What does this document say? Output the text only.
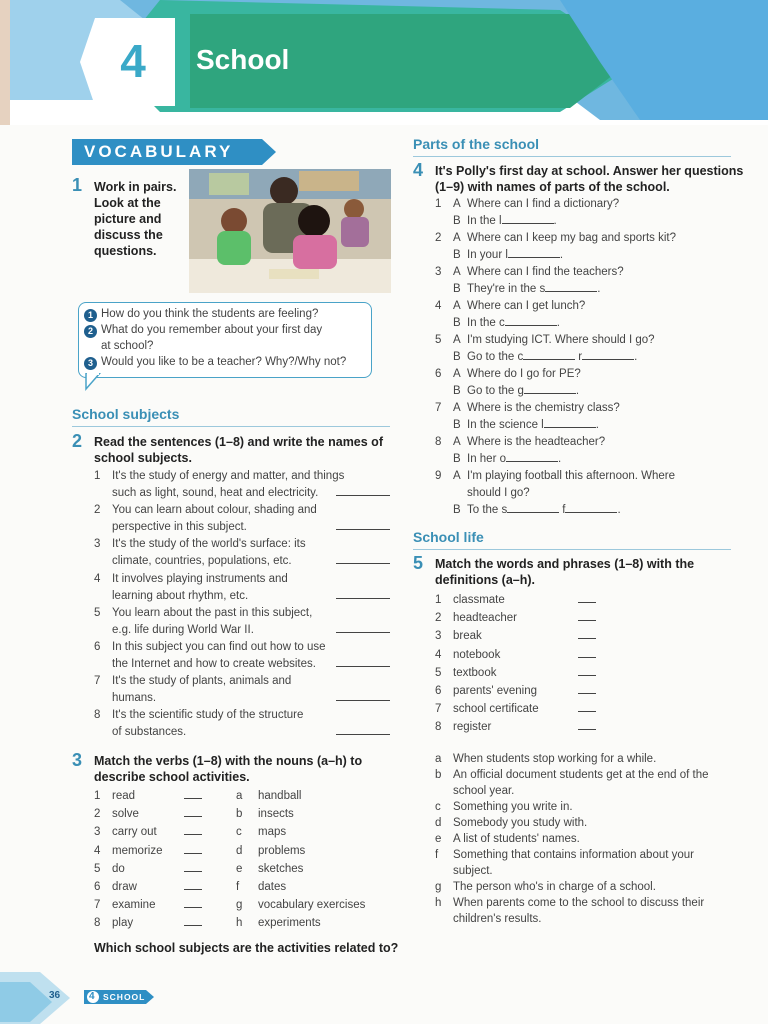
4	School
VOCABULARY
1 Work in pairs.
Look at the
picture and
discuss the
questions.
1 How do you think the students are feeling?
2 What do you remember about your first day
at school?
3 Would you like to be a teacher? Why?/Why not?
School subjects
2 Read the sentences (1–8) and write the names of
school subjects.
1 It's the study of energy and matter, and things
such as light, sound, heat and electricity.
2 You can learn about colour, shading and
perspective in this subject.
3 It's the study of the world's surface: its
climate, countries, populations, etc.
4 It involves playing instruments and
learning about rhythm, etc.
5 You learn about the past in this subject,
e.g. life during World War II.
6 In this subject you can find out how to use
the Internet and how to create websites.
7 It's the study of plants, animals and
humans.
8 It's the scientific study of the structure
of substances.
3 Match the verbs (1–8) with the nouns (a–h) to
describe school activities.
1 read	a handball
2 solve	b insects
3 carry out	c maps
4 memorize	d problems
5 do	e sketches
6 draw	f dates
7 examine	g vocabulary exercises
8 play	h experiments
Which school subjects are the activities related to?
Parts of the school
4 It's Polly's first day at school. Answer her questions
(1–9) with names of parts of the school.
1 A Where can I find a dictionary?
B In the l	.
2 A Where can I keep my bag and sports kit?
B In your l	.
3 A Where can I find the teachers?
B They're in the s	.
4 A Where can I get lunch?
B In the c	.
5 A I'm studying ICT. Where should I go?
B Go to the c	r	.
6 A Where do I go for PE?
B Go to the g	.
7 A Where is the chemistry class?
B In the science l	.
8 A Where is the headteacher?
B In her o	.
9 A I'm playing football this afternoon. Where
should I go?
B To the s	f	.
School life
5 Match the words and phrases (1–8) with the
definitions (a–h).
1 classmate
2 headteacher
3 break
4 notebook
5 textbook
6 parents' evening
7 school certificate
8 register
a When students stop working for a while.
b An official document students get at the end of the
school year.
c Something you write in.
d Somebody you study with.
e A list of students' names.
f Something that contains information about your
subject.
g The person who's in charge of a school.
h When parents come to the school to discuss their
children's results.
36	4 SCHOOL
